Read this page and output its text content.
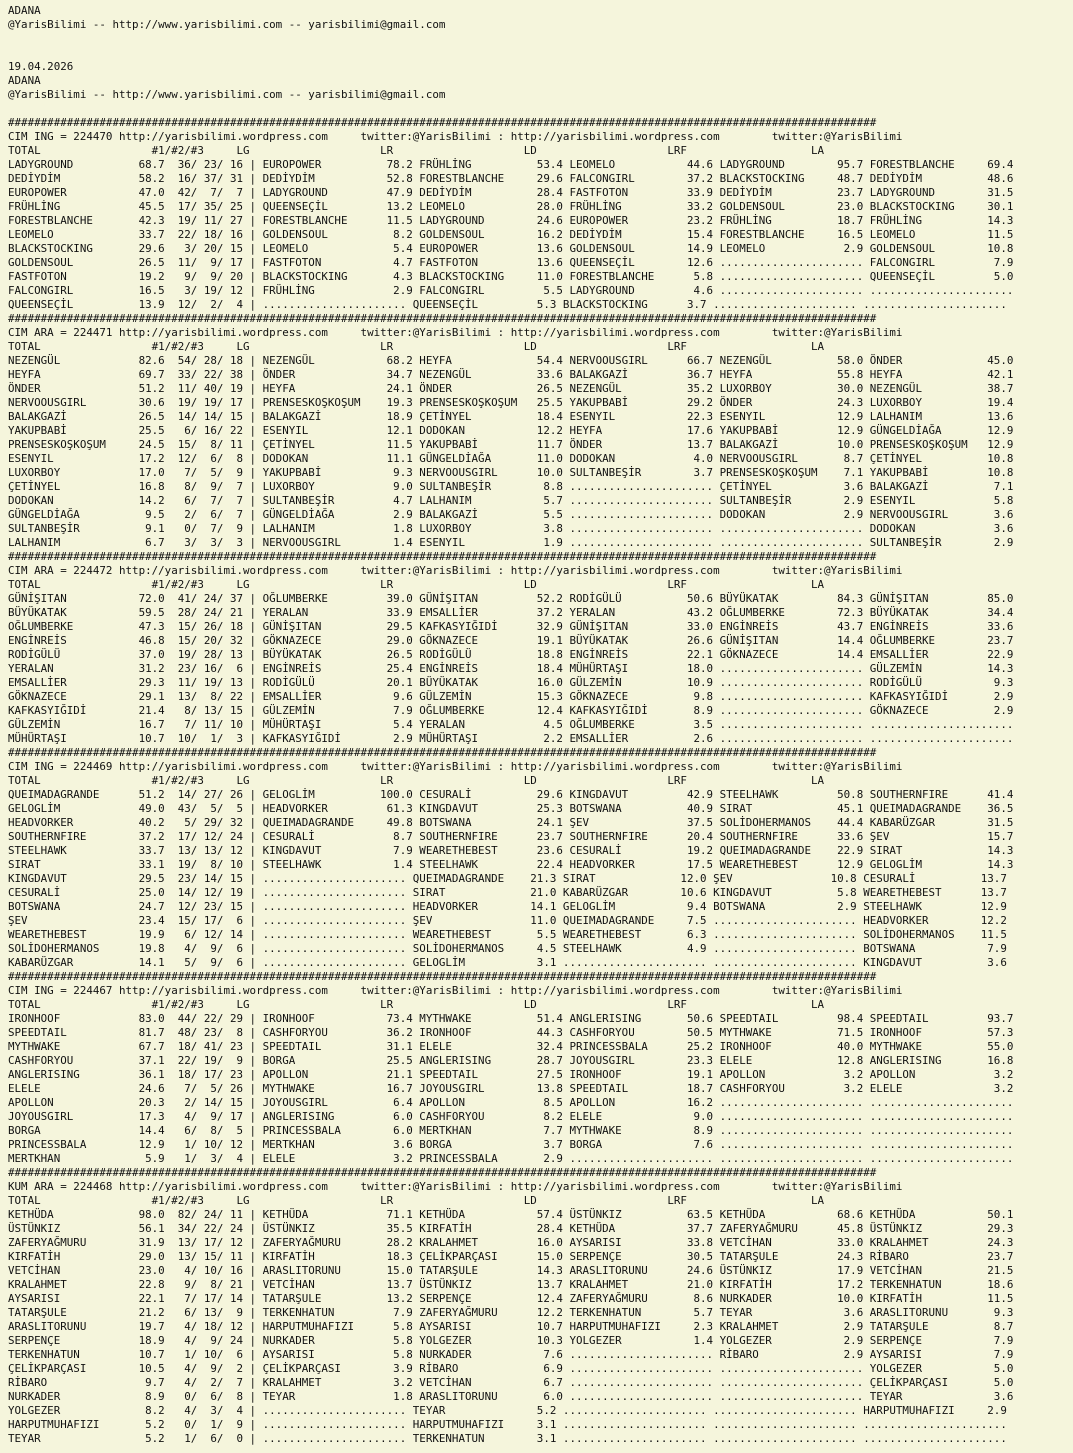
ADANA
@YarisBilimi -- http://www.yarisbilimi.com -- yarisbilimi@gmail.com

19.04.2026
ADANA
@YarisBilimi -- http://www.yarisbilimi.com -- yarisbilimi@gmail.com

#####################################################################################################################################
CIM ING = 224470 http://yarisbilimi.wordpress.com     twitter:@YarisBilimi : http://yarisbilimi.wordpress.com        twitter:@YarisBilimi
TOTAL                 #1/#2/#3     LG                    LR                    LD                    LRF                   LA
LADYGROUND          68.7  36/ 23/ 16 | EUROPOWER          78.2 FRÜHLİNG          53.4 LEOMELO           44.6 LADYGROUND        95.7 FORESTBLANCHE     69.4
DEDİYDİM            58.2  16/ 37/ 31 | DEDİYDİM           52.8 FORESTBLANCHE     29.6 FALCONGIRL        37.2 BLACKSTOCKING     48.7 DEDİYDİM          48.6
EUROPOWER           47.0  42/  7/  7 | LADYGROUND         47.9 DEDİYDİM          28.4 FASTFOTON         33.9 DEDİYDİM          23.7 LADYGROUND        31.5
FRÜHLİNG            45.5  17/ 35/ 25 | QUEENSEÇİL         13.2 LEOMELO           28.0 FRÜHLİNG          33.2 GOLDENSOUL        23.0 BLACKSTOCKING     30.1
FORESTBLANCHE       42.3  19/ 11/ 27 | FORESTBLANCHE      11.5 LADYGROUND        24.6 EUROPOWER         23.2 FRÜHLİNG          18.7 FRÜHLİNG          14.3
LEOMELO             33.7  22/ 18/ 16 | GOLDENSOUL          8.2 GOLDENSOUL        16.2 DEDİYDİM          15.4 FORESTBLANCHE     16.5 LEOMELO           11.5
BLACKSTOCKING       29.6   3/ 20/ 15 | LEOMELO             5.4 EUROPOWER         13.6 GOLDENSOUL        14.9 LEOMELO            2.9 GOLDENSOUL        10.8
GOLDENSOUL          26.5  11/  9/ 17 | FASTFOTON           4.7 FASTFOTON         13.6 QUEENSEÇİL        12.6 ...................... FALCONGIRL         7.9
FASTFOTON           19.2   9/  9/ 20 | BLACKSTOCKING       4.3 BLACKSTOCKING     11.0 FORESTBLANCHE      5.8 ...................... QUEENSEÇİL         5.0
FALCONGIRL          16.5   3/ 19/ 12 | FRÜHLİNG            2.9 FALCONGIRL         5.5 LADYGROUND         4.6 ...................... ......................
QUEENSEÇİL          13.9  12/  2/  4 | ...................... QUEENSEÇİL         5.3 BLACKSTOCKING      3.7 ...................... ......................
#####################################################################################################################################
CIM ARA = 224471 http://yarisbilimi.wordpress.com     twitter:@YarisBilimi : http://yarisbilimi.wordpress.com        twitter:@YarisBilimi
TOTAL                 #1/#2/#3     LG                    LR                    LD                    LRF                   LA
NEZENGÜL            82.6  54/ 28/ 18 | NEZENGÜL           68.2 HEYFA             54.4 NERVOOUSGIRL      66.7 NEZENGÜL          58.0 ÖNDER             45.0
HEYFA               69.7  33/ 22/ 38 | ÖNDER              34.7 NEZENGÜL          33.6 BALAKGAZİ         36.7 HEYFA             55.8 HEYFA             42.1
ÖNDER               51.2  11/ 40/ 19 | HEYFA              24.1 ÖNDER             26.5 NEZENGÜL          35.2 LUXORBOY          30.0 NEZENGÜL          38.7
NERVOOUSGIRL        30.6  19/ 19/ 17 | PRENSESKOŞKOŞUM    19.3 PRENSESKOŞKOŞUM   25.5 YAKUPBABİ         29.2 ÖNDER             24.3 LUXORBOY          19.4
BALAKGAZİ           26.5  14/ 14/ 15 | BALAKGAZİ          18.9 ÇETİNYEL          18.4 ESENYIL           22.3 ESENYIL           12.9 LALHANIM          13.6
YAKUPBABİ           25.5   6/ 16/ 22 | ESENYIL            12.1 DODOKAN           12.2 HEYFA             17.6 YAKUPBABİ         12.9 GÜNGELDİAĞA       12.9
PRENSESKOŞKOŞUM     24.5  15/  8/ 11 | ÇETİNYEL           11.5 YAKUPBABİ         11.7 ÖNDER             13.7 BALAKGAZİ         10.0 PRENSESKOŞKOŞUM   12.9
ESENYIL             17.2  12/  6/  8 | DODOKAN            11.1 GÜNGELDİAĞA       11.0 DODOKAN            4.0 NERVOOUSGIRL       8.7 ÇETİNYEL          10.8
LUXORBOY            17.0   7/  5/  9 | YAKUPBABİ           9.3 NERVOOUSGIRL      10.0 SULTANBEŞİR        3.7 PRENSESKOŞKOŞUM    7.1 YAKUPBABİ         10.8
ÇETİNYEL            16.8   8/  9/  7 | LUXORBOY            9.0 SULTANBEŞİR        8.8 ...................... ÇETİNYEL           3.6 BALAKGAZİ          7.1
DODOKAN             14.2   6/  7/  7 | SULTANBEŞİR         4.7 LALHANIM           5.7 ...................... SULTANBEŞİR        2.9 ESENYIL            5.8
GÜNGELDİAĞA          9.5   2/  6/  7 | GÜNGELDİAĞA         2.9 BALAKGAZİ          5.5 ...................... DODOKAN            2.9 NERVOOUSGIRL       3.6
SULTANBEŞİR          9.1   0/  7/  9 | LALHANIM            1.8 LUXORBOY           3.8 ...................... ...................... DODOKAN            3.6
LALHANIM             6.7   3/  3/  3 | NERVOOUSGIRL        1.4 ESENYIL            1.9 ...................... ...................... SULTANBEŞİR        2.9
#####################################################################################################################################
CIM ARA = 224472 http://yarisbilimi.wordpress.com     twitter:@YarisBilimi : http://yarisbilimi.wordpress.com        twitter:@YarisBilimi
TOTAL                 #1/#2/#3     LG                    LR                    LD                    LRF                   LA
GÜNİŞITAN           72.0  41/ 24/ 37 | OĞLUMBERKE         39.0 GÜNİŞITAN         52.2 RODİGÜLÜ          50.6 BÜYÜKATAK         84.3 GÜNİŞITAN         85.0
BÜYÜKATAK           59.5  28/ 24/ 21 | YERALAN            33.9 EMSALLİER         37.2 YERALAN           43.2 OĞLUMBERKE        72.3 BÜYÜKATAK         34.4
OĞLUMBERKE          47.3  15/ 26/ 18 | GÜNİŞITAN          29.5 KAFKASYIĞIDİ      32.9 GÜNİŞITAN         33.0 ENGİNREİS         43.7 ENGİNREİS         33.6
ENGİNREİS           46.8  15/ 20/ 32 | GÖKNAZECE          29.0 GÖKNAZECE         19.1 BÜYÜKATAK         26.6 GÜNİŞITAN         14.4 OĞLUMBERKE        23.7
RODİGÜLÜ            37.0  19/ 28/ 13 | BÜYÜKATAK          26.5 RODİGÜLÜ          18.8 ENGİNREİS         22.1 GÖKNAZECE         14.4 EMSALLİER         22.9
YERALAN             31.2  23/ 16/  6 | ENGİNREİS          25.4 ENGİNREİS         18.4 MÜHÜRTAŞI         18.0 ...................... GÜLZEMİN          14.3
EMSALLİER           29.3  11/ 19/ 13 | RODİGÜLÜ           20.1 BÜYÜKATAK         16.0 GÜLZEMİN          10.9 ...................... RODİGÜLÜ           9.3
GÖKNAZECE           29.1  13/  8/ 22 | EMSALLİER           9.6 GÜLZEMİN          15.3 GÖKNAZECE          9.8 ...................... KAFKASYIĞIDİ       2.9
KAFKASYIĞIDİ        21.4   8/ 13/ 15 | GÜLZEMİN            7.9 OĞLUMBERKE        12.4 KAFKASYIĞIDİ       8.9 ...................... GÖKNAZECE          2.9
GÜLZEMİN            16.7   7/ 11/ 10 | MÜHÜRTAŞI           5.4 YERALAN            4.5 OĞLUMBERKE         3.5 ...................... ......................
MÜHÜRTAŞI           10.7  10/  1/  3 | KAFKASYIĞIDİ        2.9 MÜHÜRTAŞI          2.2 EMSALLİER          2.6 ...................... ......................
#####################################################################################################################################
CIM ING = 224469 http://yarisbilimi.wordpress.com     twitter:@YarisBilimi : http://yarisbilimi.wordpress.com        twitter:@YarisBilimi
TOTAL                 #1/#2/#3     LG                    LR                    LD                    LRF                   LA
QUEIMADAGRANDE      51.2  14/ 27/ 26 | GELOGLİM          100.0 CESURALİ          29.6 KINGDAVUT         42.9 STEELHAWK         50.8 SOUTHERNFIRE      41.4
GELOGLİM            49.0  43/  5/  5 | HEADVORKER         61.3 KINGDAVUT         25.3 BOTSWANA          40.9 SIRAT             45.1 QUEIMADAGRANDE    36.5
HEADVORKER          40.2   5/ 29/ 32 | QUEIMADAGRANDE     49.8 BOTSWANA          24.1 ŞEV               37.5 SOLİDOHERMANOS    44.4 KABARÜZGAR        31.5
SOUTHERNFIRE        37.2  17/ 12/ 24 | CESURALİ            8.7 SOUTHERNFIRE      23.7 SOUTHERNFIRE      20.4 SOUTHERNFIRE      33.6 ŞEV               15.7
STEELHAWK           33.7  13/ 13/ 12 | KINGDAVUT           7.9 WEARETHEBEST      23.6 CESURALİ          19.2 QUEIMADAGRANDE    22.9 SIRAT             14.3
SIRAT               33.1  19/  8/ 10 | STEELHAWK           1.4 STEELHAWK         22.4 HEADVORKER        17.5 WEARETHEBEST      12.9 GELOGLİM          14.3
KINGDAVUT           29.5  23/ 14/ 15 | ...................... QUEIMADAGRANDE    21.3 SIRAT             12.0 ŞEV               10.8 CESURALİ          13.7
CESURALİ            25.0  14/ 12/ 19 | ...................... SIRAT             21.0 KABARÜZGAR        10.6 KINGDAVUT          5.8 WEARETHEBEST      13.7
BOTSWANA            24.7  12/ 23/ 15 | ...................... HEADVORKER        14.1 GELOGLİM           9.4 BOTSWANA           2.9 STEELHAWK         12.9
ŞEV                 23.4  15/ 17/  6 | ...................... ŞEV               11.0 QUEIMADAGRANDE     7.5 ...................... HEADVORKER        12.2
WEARETHEBEST        19.9   6/ 12/ 14 | ...................... WEARETHEBEST       5.5 WEARETHEBEST       6.3 ...................... SOLİDOHERMANOS    11.5
SOLİDOHERMANOS      19.8   4/  9/  6 | ...................... SOLİDOHERMANOS     4.5 STEELHAWK          4.9 ...................... BOTSWANA           7.9
KABARÜZGAR          14.1   5/  9/  6 | ...................... GELOGLİM           3.1 ...................... ...................... KINGDAVUT          3.6
#####################################################################################################################################
CIM ING = 224467 http://yarisbilimi.wordpress.com     twitter:@YarisBilimi : http://yarisbilimi.wordpress.com        twitter:@YarisBilimi
TOTAL                 #1/#2/#3     LG                    LR                    LD                    LRF                   LA
IRONHOOF            83.0  44/ 22/ 29 | IRONHOOF           73.4 MYTHWAKE          51.4 ANGLERISING       50.6 SPEEDTAIL         98.4 SPEEDTAIL         93.7
SPEEDTAIL           81.7  48/ 23/  8 | CASHFORYOU         36.2 IRONHOOF          44.3 CASHFORYOU        50.5 MYTHWAKE          71.5 IRONHOOF          57.3
MYTHWAKE            67.7  18/ 41/ 23 | SPEEDTAIL          31.1 ELELE             32.4 PRINCESSBALA      25.2 IRONHOOF          40.0 MYTHWAKE          55.0
CASHFORYOU          37.1  22/ 19/  9 | BORGA              25.5 ANGLERISING       28.7 JOYOUSGIRL        23.3 ELELE             12.8 ANGLERISING       16.8
ANGLERISING         36.1  18/ 17/ 23 | APOLLON            21.1 SPEEDTAIL         27.5 IRONHOOF          19.1 APOLLON            3.2 APOLLON            3.2
ELELE               24.6   7/  5/ 26 | MYTHWAKE           16.7 JOYOUSGIRL        13.8 SPEEDTAIL         18.7 CASHFORYOU         3.2 ELELE              3.2
APOLLON             20.3   2/ 14/ 15 | JOYOUSGIRL          6.4 APOLLON            8.5 APOLLON           16.2 ...................... ......................
JOYOUSGIRL          17.3   4/  9/ 17 | ANGLERISING         6.0 CASHFORYOU         8.2 ELELE              9.0 ...................... ......................
BORGA               14.4   6/  8/  5 | PRINCESSBALA        6.0 MERTKHAN           7.7 MYTHWAKE           8.9 ...................... ......................
PRINCESSBALA        12.9   1/ 10/ 12 | MERTKHAN            3.6 BORGA              3.7 BORGA              7.6 ...................... ......................
MERTKHAN             5.9   1/  3/  4 | ELELE               3.2 PRINCESSBALA       2.9 ...................... ...................... ......................
#####################################################################################################################################
KUM ARA = 224468 http://yarisbilimi.wordpress.com     twitter:@YarisBilimi : http://yarisbilimi.wordpress.com        twitter:@YarisBilimi
TOTAL                 #1/#2/#3     LG                    LR                    LD                    LRF                   LA
KETHÜDA             98.0  82/ 24/ 11 | KETHÜDA            71.1 KETHÜDA           57.4 ÜSTÜNKIZ          63.5 KETHÜDA           68.6 KETHÜDA           50.1
ÜSTÜNKIZ            56.1  34/ 22/ 24 | ÜSTÜNKIZ           35.5 KIRFATİH          28.4 KETHÜDA           37.7 ZAFERYAĞMURU      45.8 ÜSTÜNKIZ          29.3
ZAFERYAĞMURU        31.9  13/ 17/ 12 | ZAFERYAĞMURU       28.2 KRALAHMET         16.0 AYSARISI          33.8 VETCİHAN          33.0 KRALAHMET         24.3
KIRFATİH            29.0  13/ 15/ 11 | KIRFATİH           18.3 ÇELİKPARÇASI      15.0 SERPENÇE          30.5 TATARŞULE         24.3 RİBARO            23.7
VETCİHAN            23.0   4/ 10/ 16 | ARASLITORUNU       15.0 TATARŞULE         14.3 ARASLITORUNU      24.6 ÜSTÜNKIZ          17.9 VETCİHAN          21.5
KRALAHMET           22.8   9/  8/ 21 | VETCİHAN           13.7 ÜSTÜNKIZ          13.7 KRALAHMET         21.0 KIRFATİH          17.2 TERKENHATUN       18.6
AYSARISI            22.1   7/ 17/ 14 | TATARŞULE          13.2 SERPENÇE          12.4 ZAFERYAĞMURU       8.6 NURKADER          10.0 KIRFATİH          11.5
TATARŞULE           21.2   6/ 13/  9 | TERKENHATUN         7.9 ZAFERYAĞMURU      12.2 TERKENHATUN        5.7 TEYAR              3.6 ARASLITORUNU       9.3
ARASLITORUNU        19.7   4/ 18/ 12 | HARPUTMUHAFIZI      5.8 AYSARISI          10.7 HARPUTMUHAFIZI     2.3 KRALAHMET          2.9 TATARŞULE          8.7
SERPENÇE            18.9   4/  9/ 24 | NURKADER            5.8 YOLGEZER          10.3 YOLGEZER           1.4 YOLGEZER           2.9 SERPENÇE           7.9
TERKENHATUN         10.7   1/ 10/  6 | AYSARISI            5.8 NURKADER           7.6 ...................... RİBARO             2.9 AYSARISI           7.9
ÇELİKPARÇASI        10.5   4/  9/  2 | ÇELİKPARÇASI        3.9 RİBARO             6.9 ...................... ...................... YOLGEZER           5.0
RİBARO               9.7   4/  2/  7 | KRALAHMET           3.2 VETCİHAN           6.7 ...................... ...................... ÇELİKPARÇASI       5.0
NURKADER             8.9   0/  6/  8 | TEYAR               1.8 ARASLITORUNU       6.0 ...................... ...................... TEYAR              3.6
YOLGEZER             8.2   4/  3/  4 | ...................... TEYAR              5.2 ...................... ...................... HARPUTMUHAFIZI     2.9
HARPUTMUHAFIZI       5.2   0/  1/  9 | ...................... HARPUTMUHAFIZI     3.1 ...................... ...................... ......................
TEYAR                5.2   1/  6/  0 | ...................... TERKENHATUN        3.1 ...................... ...................... ......................
